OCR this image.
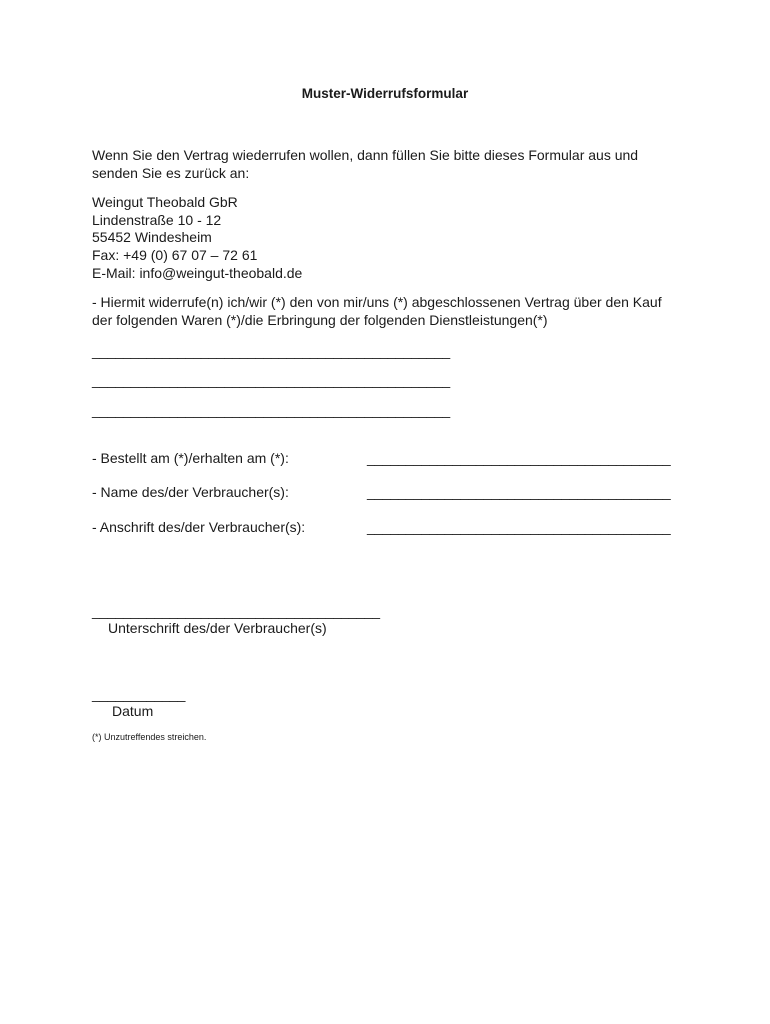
Muster-Widerrufsformular
Wenn Sie den Vertrag wiederrufen wollen, dann füllen Sie bitte dieses Formular aus und
senden Sie es zurück an:
Weingut Theobald GbR
Lindenstraße 10 - 12
55452 Windesheim
Fax: +49 (0) 67 07 – 72 61
E-Mail: info@weingut-theobald.de
- Hiermit widerrufe(n) ich/wir (*) den von mir/uns (*) abgeschlossenen Vertrag über den Kauf
der folgenden Waren (*)/die Erbringung der folgenden Dienstleistungen(*)
______________________________________________
______________________________________________
______________________________________________
- Bestellt am (*)/erhalten am (*):	_______________________________________
- Name des/der Verbraucher(s):	_______________________________________
- Anschrift des/der Verbraucher(s):	_______________________________________
_____________________________________
Unterschrift des/der Verbraucher(s)
____________
Datum
(*) Unzutreffendes streichen.
